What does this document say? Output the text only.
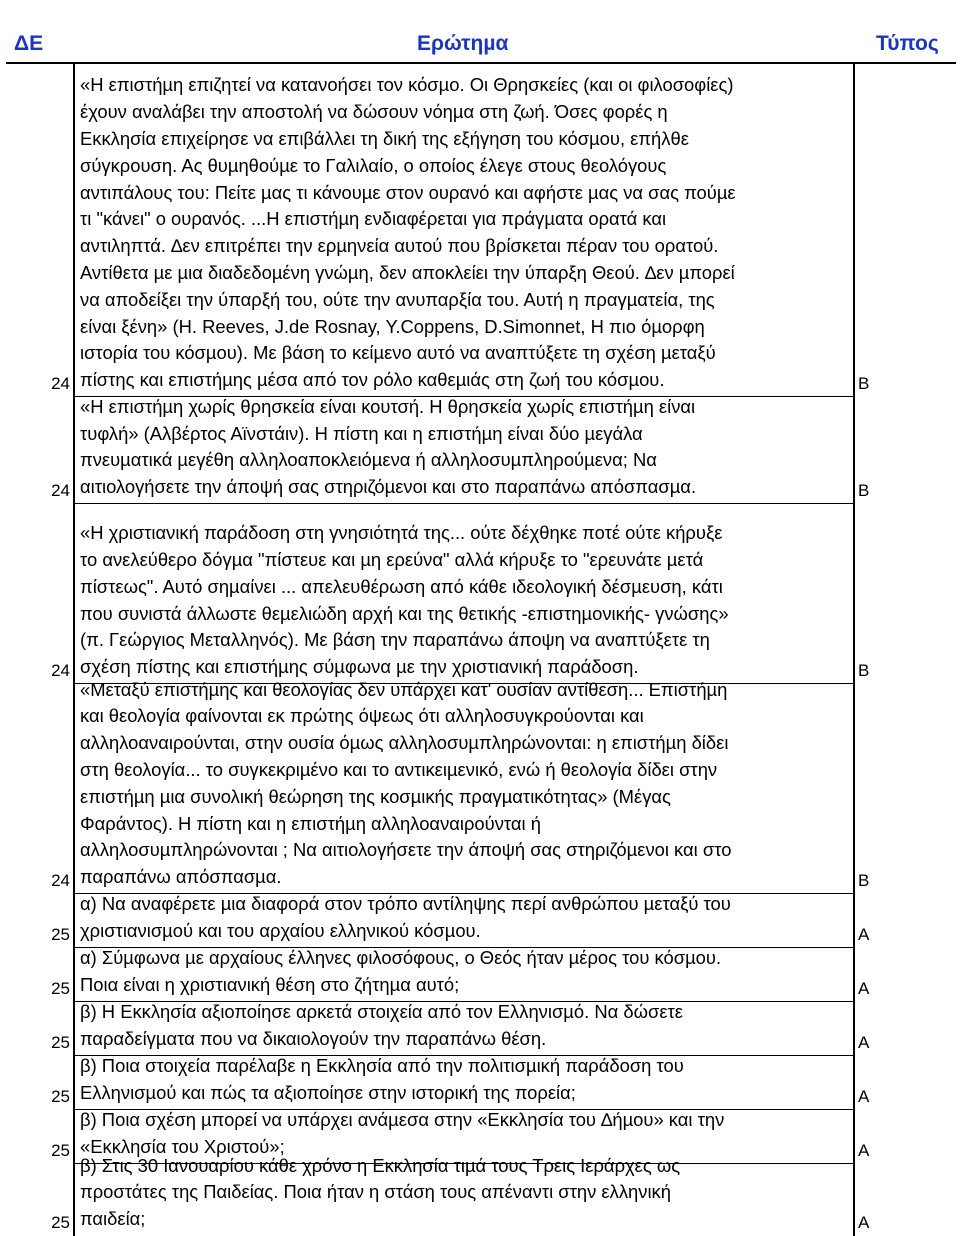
ΔΕ	Ερώτηµα	Τύπος
24
«Η επιστήµη επιζητεί να κατανοήσει τον κόσµο. Οι Θρησκείες (και οι φιλοσοφίες)
έχουν αναλάβει την αποστολή να δώσουν νόηµα στη ζωή. Όσες φορές η
Εκκλησία επιχείρησε να επιβάλλει τη δική της εξήγηση του κόσµου, επήλθε
σύγκρουση. Ας θυµηθούµε το Γαλιλαίο, ο οποίος έλεγε στους θεολόγους
αντιπάλους του: Πείτε µας τι κάνουµε στον ουρανό και αφήστε µας να σας πούµε
τι "κάνει" ο ουρανός. ...Η επιστήµη ενδιαφέρεται για πράγµατα ορατά και
αντιληπτά. ∆εν επιτρέπει την ερµηνεία αυτού που βρίσκεται πέραν του ορατού.
Αντίθετα µε µια διαδεδοµένη γνώµη, δεν αποκλείει την ύπαρξη Θεού. ∆εν µπορεί
να αποδείξει την ύπαρξή του, ούτε την ανυπαρξία του. Αυτή η πραγµατεία, της
είναι ξένη» (H. Reeves, J.de Rosnay, Y.Coppens, D.Simonnet, Η πιο όµορφη
ιστορία του κόσµου). Με βάση το κείµενο αυτό να αναπτύξετε τη σχέση µεταξύ
πίστης και επιστήµης µέσα από τον ρόλο καθεµιάς στη ζωή του κόσµου.	Β
24
«Η επιστήµη χωρίς θρησκεία είναι κουτσή. Η θρησκεία χωρίς επιστήµη είναι
τυφλή» (Αλβέρτος Αϊνστάιν). Η πίστη και η επιστήµη είναι δύο µεγάλα
πνευµατικά µεγέθη αλληλοαποκλειόµενα ή αλληλοσυµπληρούµενα; Να
αιτιολογήσετε την άποψή σας στηριζόµενοι και στο παραπάνω απόσπασµα.	Β
24
«Η χριστιανική παράδοση στη γνησιότητά της... ούτε δέχθηκε ποτέ ούτε κήρυξε
το ανελεύθερο δόγµα "πίστευε και µη ερεύνα" αλλά κήρυξε το "ερευνάτε µετά
πίστεως". Αυτό σηµαίνει ... απελευθέρωση από κάθε ιδεολογική δέσµευση, κάτι
που συνιστά άλλωστε θεµελιώδη αρχή και της θετικής -επιστηµονικής- γνώσης»
(π. Γεώργιος Μεταλληνός). Με βάση την παραπάνω άποψη να αναπτύξετε τη
σχέση πίστης και επιστήµης σύµφωνα µε την χριστιανική παράδοση.	Β
24
«Μεταξύ επιστήµης και θεολογίας δεν υπάρχει κατ' ουσίαν αντίθεση... Επιστήµη
και θεολογία φαίνονται εκ πρώτης όψεως ότι αλληλοσυγκρούονται και
αλληλοαναιρούνται, στην ουσία όµως αλληλοσυµπληρώνονται: η επιστήµη δίδει
στη θεολογία... το συγκεκριµένο και το αντικειµενικό, ενώ ή θεολογία δίδει στην
επιστήµη µια συνολική θεώρηση της κοσµικής πραγµατικότητας» (Μέγας
Φαράντος). Η πίστη και η επιστήµη αλληλοαναιρούνται ή
αλληλοσυµπληρώνονται ; Να αιτιολογήσετε την άποψή σας στηριζόµενοι και στο
παραπάνω απόσπασµα.	Β
25
α) Να αναφέρετε µια διαφορά στον τρόπο αντίληψης περί ανθρώπου µεταξύ του
χριστιανισµού και του αρχαίου ελληνικού κόσµου.	Α
25
α) Σύµφωνα µε αρχαίους έλληνες φιλοσόφους, ο Θεός ήταν µέρος του κόσµου.
Ποια είναι η χριστιανική θέση στο ζήτηµα αυτό;	Α
25
β) Η Εκκλησία αξιοποίησε αρκετά στοιχεία από τον Ελληνισµό. Να δώσετε
παραδείγµατα που να δικαιολογούν την παραπάνω θέση.	Α
25
β) Ποια στοιχεία παρέλαβε η Εκκλησία από την πολιτισµική παράδοση του
Ελληνισµού και πώς τα αξιοποίησε στην ιστορική της πορεία;	Α
25
β) Ποια σχέση µπορεί να υπάρχει ανάµεσα στην «Εκκλησία του ∆ήµου» και την
«Εκκλησία του Χριστού»;	Α
25
β) Στις 30 Ιανουαρίου κάθε χρόνο η Εκκλησία τιµά τους Τρεις Ιεράρχες ως
προστάτες της Παιδείας. Ποια ήταν η στάση τους απέναντι στην ελληνική
παιδεία;	Α
